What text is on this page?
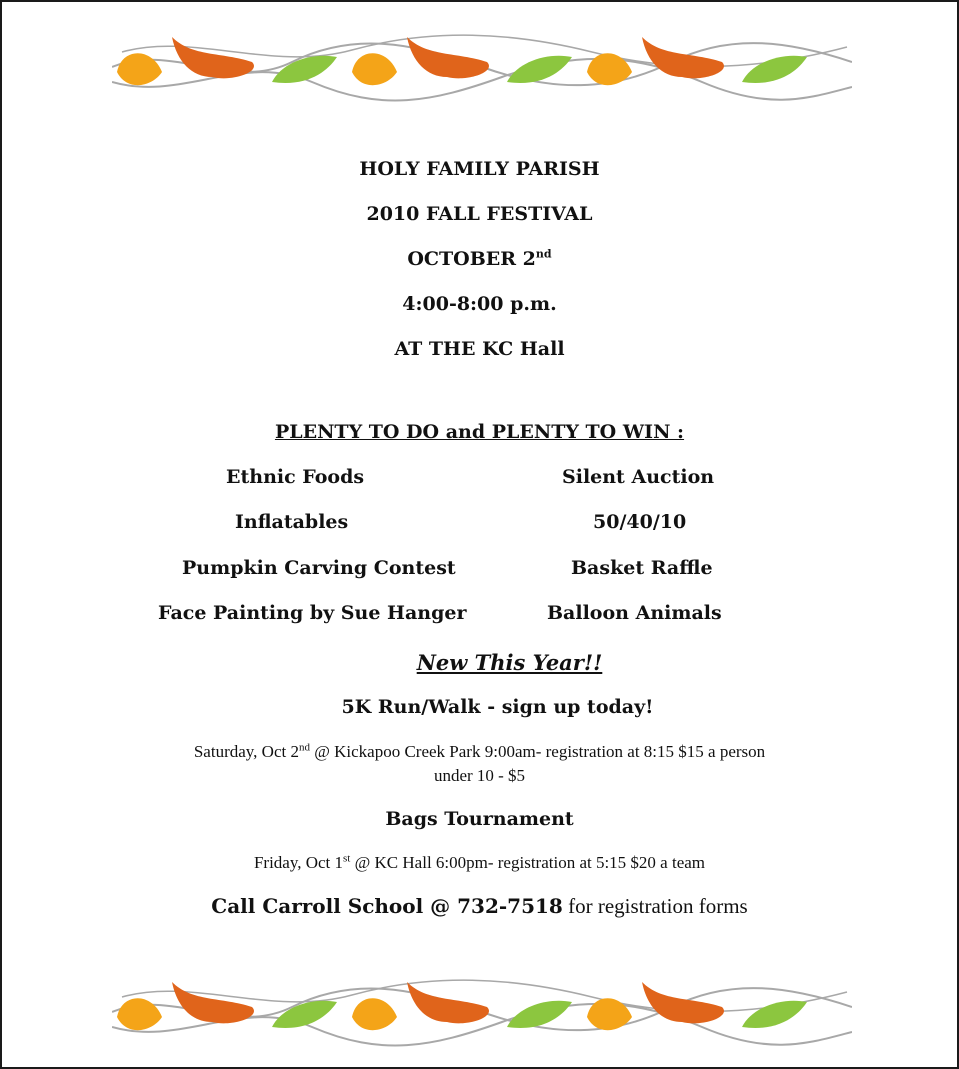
HOLY FAMILY PARISH
2010 FALL FESTIVAL
OCTOBER 2nd
4:00-8:00 p.m.
AT THE KC Hall
PLENTY TO DO and PLENTY TO WIN :
Ethnic Foods
Inflatables
Pumpkin Carving Contest
Face Painting by Sue Hanger
Silent Auction
50/40/10
Basket Raffle
Balloon Animals
New This Year!!
5K Run/Walk - sign up today!
Saturday, Oct 2nd @ Kickapoo Creek Park 9:00am- registration at 8:15 $15 a person
under 10 - $5
Bags Tournament
Friday, Oct 1st @ KC Hall 6:00pm- registration at 5:15 $20 a team
Call Carroll School @ 732-7518 for registration forms
